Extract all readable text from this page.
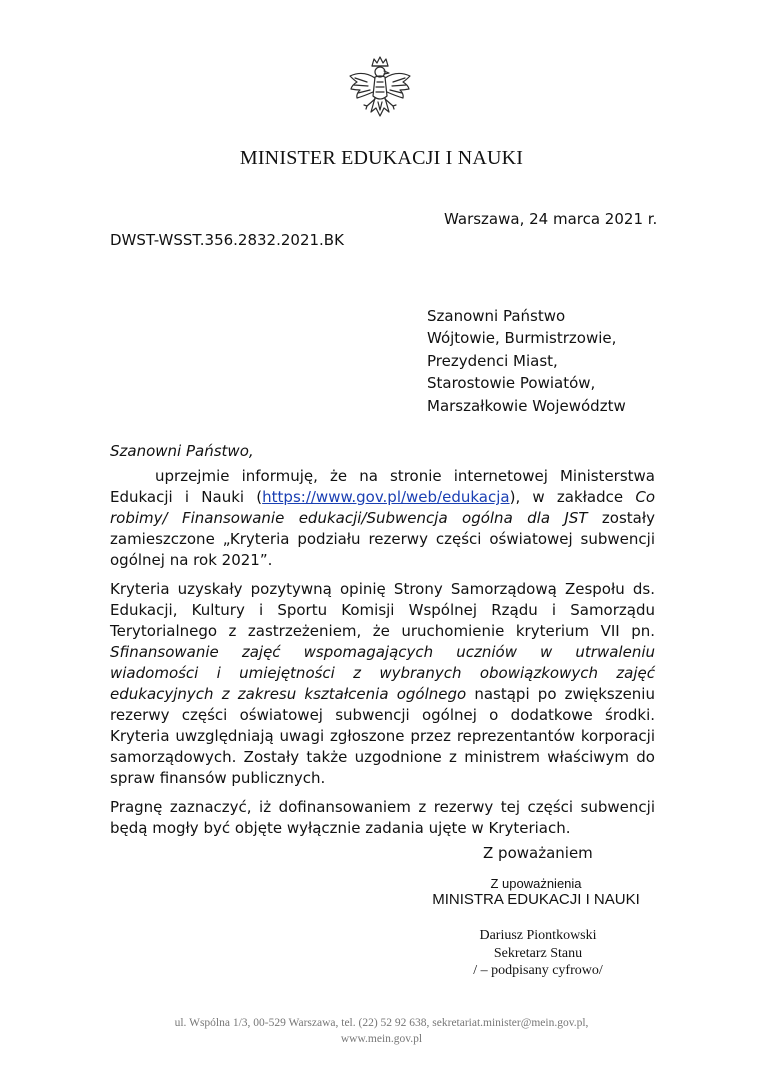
MINISTER EDUKACJI I NAUKI
Warszawa, 24 marca 2021 r.
DWST-WSST.356.2832.2021.BK
Szanowni Państwo
Wójtowie, Burmistrzowie,
Prezydenci Miast,
Starostowie Powiatów,
Marszałkowie Województw
Szanowni Państwo,

uprzejmie informuję, że na stronie internetowej Ministerstwa Edukacji i Nauki (https://www.gov.pl/web/edukacja), w zakładce Co robimy/ Finansowanie edukacji/Subwencja ogólna dla JST zostały zamieszczone „Kryteria podziału rezerwy części oświatowej subwencji ogólnej na rok 2021”.

Kryteria uzyskały pozytywną opinię Strony Samorządową Zespołu ds. Edukacji, Kultury i Sportu Komisji Wspólnej Rządu i Samorządu Terytorialnego z zastrzeżeniem, że uruchomienie kryterium VII pn. Sfinansowanie zajęć wspomagających uczniów w utrwaleniu wiadomości i umiejętności z wybranych obowiązkowych zajęć edukacyjnych z zakresu kształcenia ogólnego nastąpi po zwiększeniu rezerwy części oświatowej subwencji ogólnej o dodatkowe środki. Kryteria uwzględniają uwagi zgłoszone przez reprezentantów korporacji samorządowych. Zostały także uzgodnione z ministrem właściwym do spraw finansów publicznych.

Pragnę zaznaczyć, iż dofinansowaniem z rezerwy tej części subwencji będą mogły być objęte wyłącznie zadania ujęte w Kryteriach.

Z poważaniem
Z upoważnienia
MINISTRA EDUKACJI I NAUKI
Dariusz Piontkowski
Sekretarz Stanu
/ – podpisany cyfrowo/
ul. Wspólna 1/3, 00-529 Warszawa, tel. (22) 52 92 638, sekretariat.minister@mein.gov.pl,
www.mein.gov.pl
